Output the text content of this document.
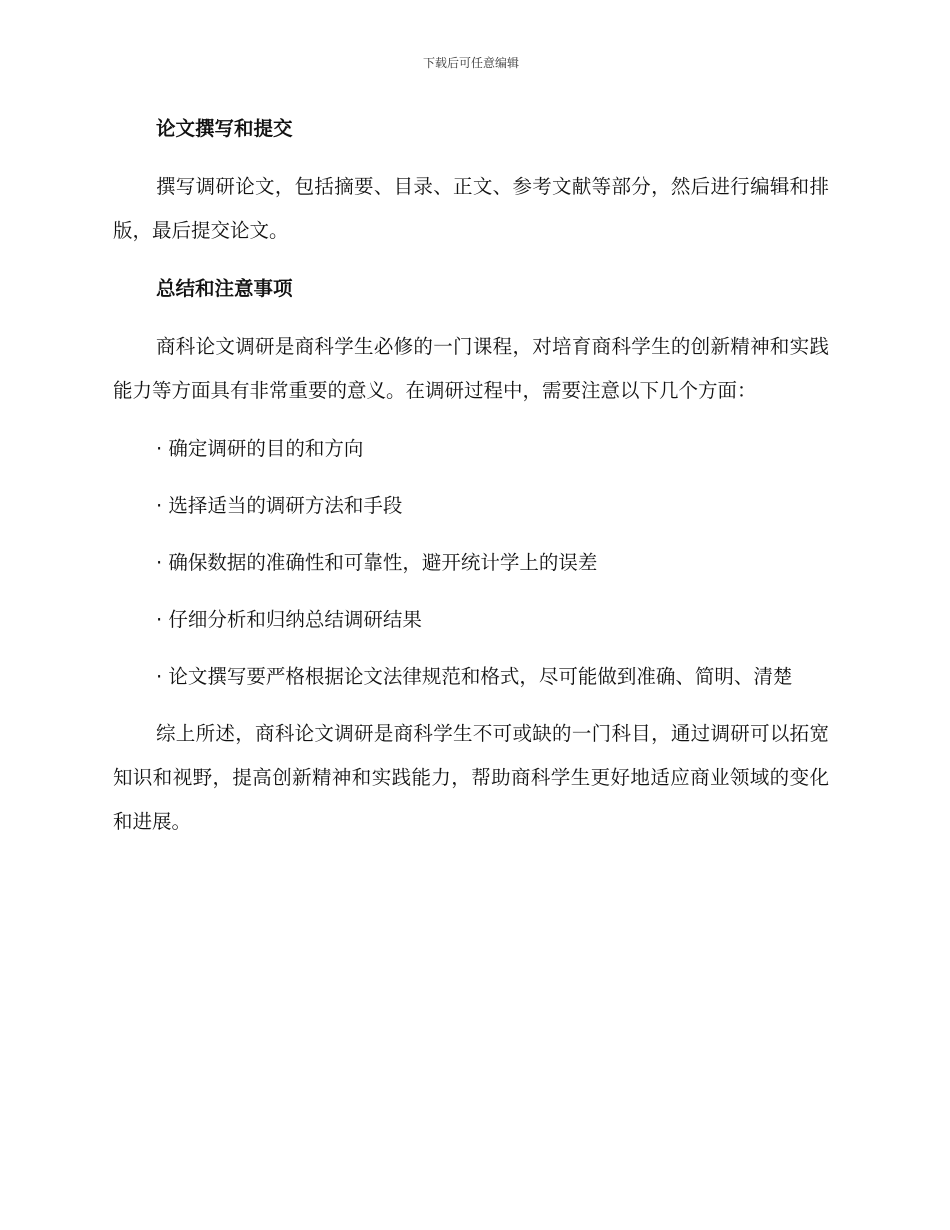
下载后可任意编辑

论文撰写和提交

撰写调研论文，包括摘要、目录、正文、参考文献等部分，然后进行编辑和排版，最后提交论文。

总结和注意事项

商科论文调研是商科学生必修的一门课程，对培育商科学生的创新精神和实践能力等方面具有非常重要的意义。在调研过程中，需要注意以下几个方面：

· 确定调研的目的和方向

· 选择适当的调研方法和手段

· 确保数据的准确性和可靠性，避开统计学上的误差

· 仔细分析和归纳总结调研结果

· 论文撰写要严格根据论文法律规范和格式，尽可能做到准确、简明、清楚

综上所述，商科论文调研是商科学生不可或缺的一门科目，通过调研可以拓宽知识和视野，提高创新精神和实践能力，帮助商科学生更好地适应商业领域的变化和进展。
